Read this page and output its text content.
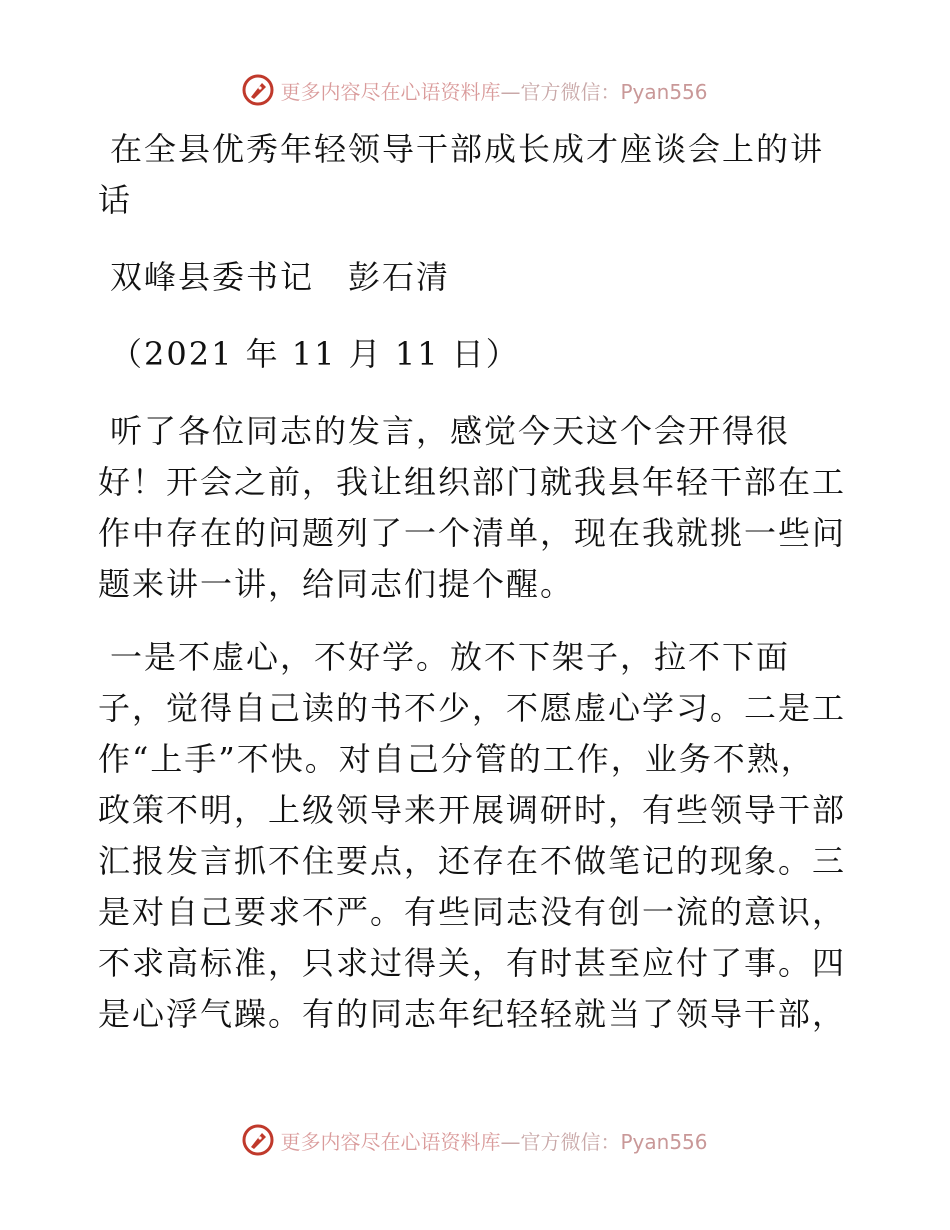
更多内容尽在心语资料库—官方微信：Pyan556
在全县优秀年轻领导干部成长成才座谈会上的讲
话
双峰县委书记　彭石清
（2021 年 11 月 11 日）
听了各位同志的发言，感觉今天这个会开得很
好！开会之前，我让组织部门就我县年轻干部在工
作中存在的问题列了一个清单，现在我就挑一些问
题来讲一讲，给同志们提个醒。
一是不虚心，不好学。放不下架子，拉不下面
子，觉得自己读的书不少，不愿虚心学习。二是工
作“上手”不快。对自己分管的工作，业务不熟，
政策不明，上级领导来开展调研时，有些领导干部
汇报发言抓不住要点，还存在不做笔记的现象。三
是对自己要求不严。有些同志没有创一流的意识，
不求高标准，只求过得关，有时甚至应付了事。四
是心浮气躁。有的同志年纪轻轻就当了领导干部，
更多内容尽在心语资料库—官方微信：Pyan556
